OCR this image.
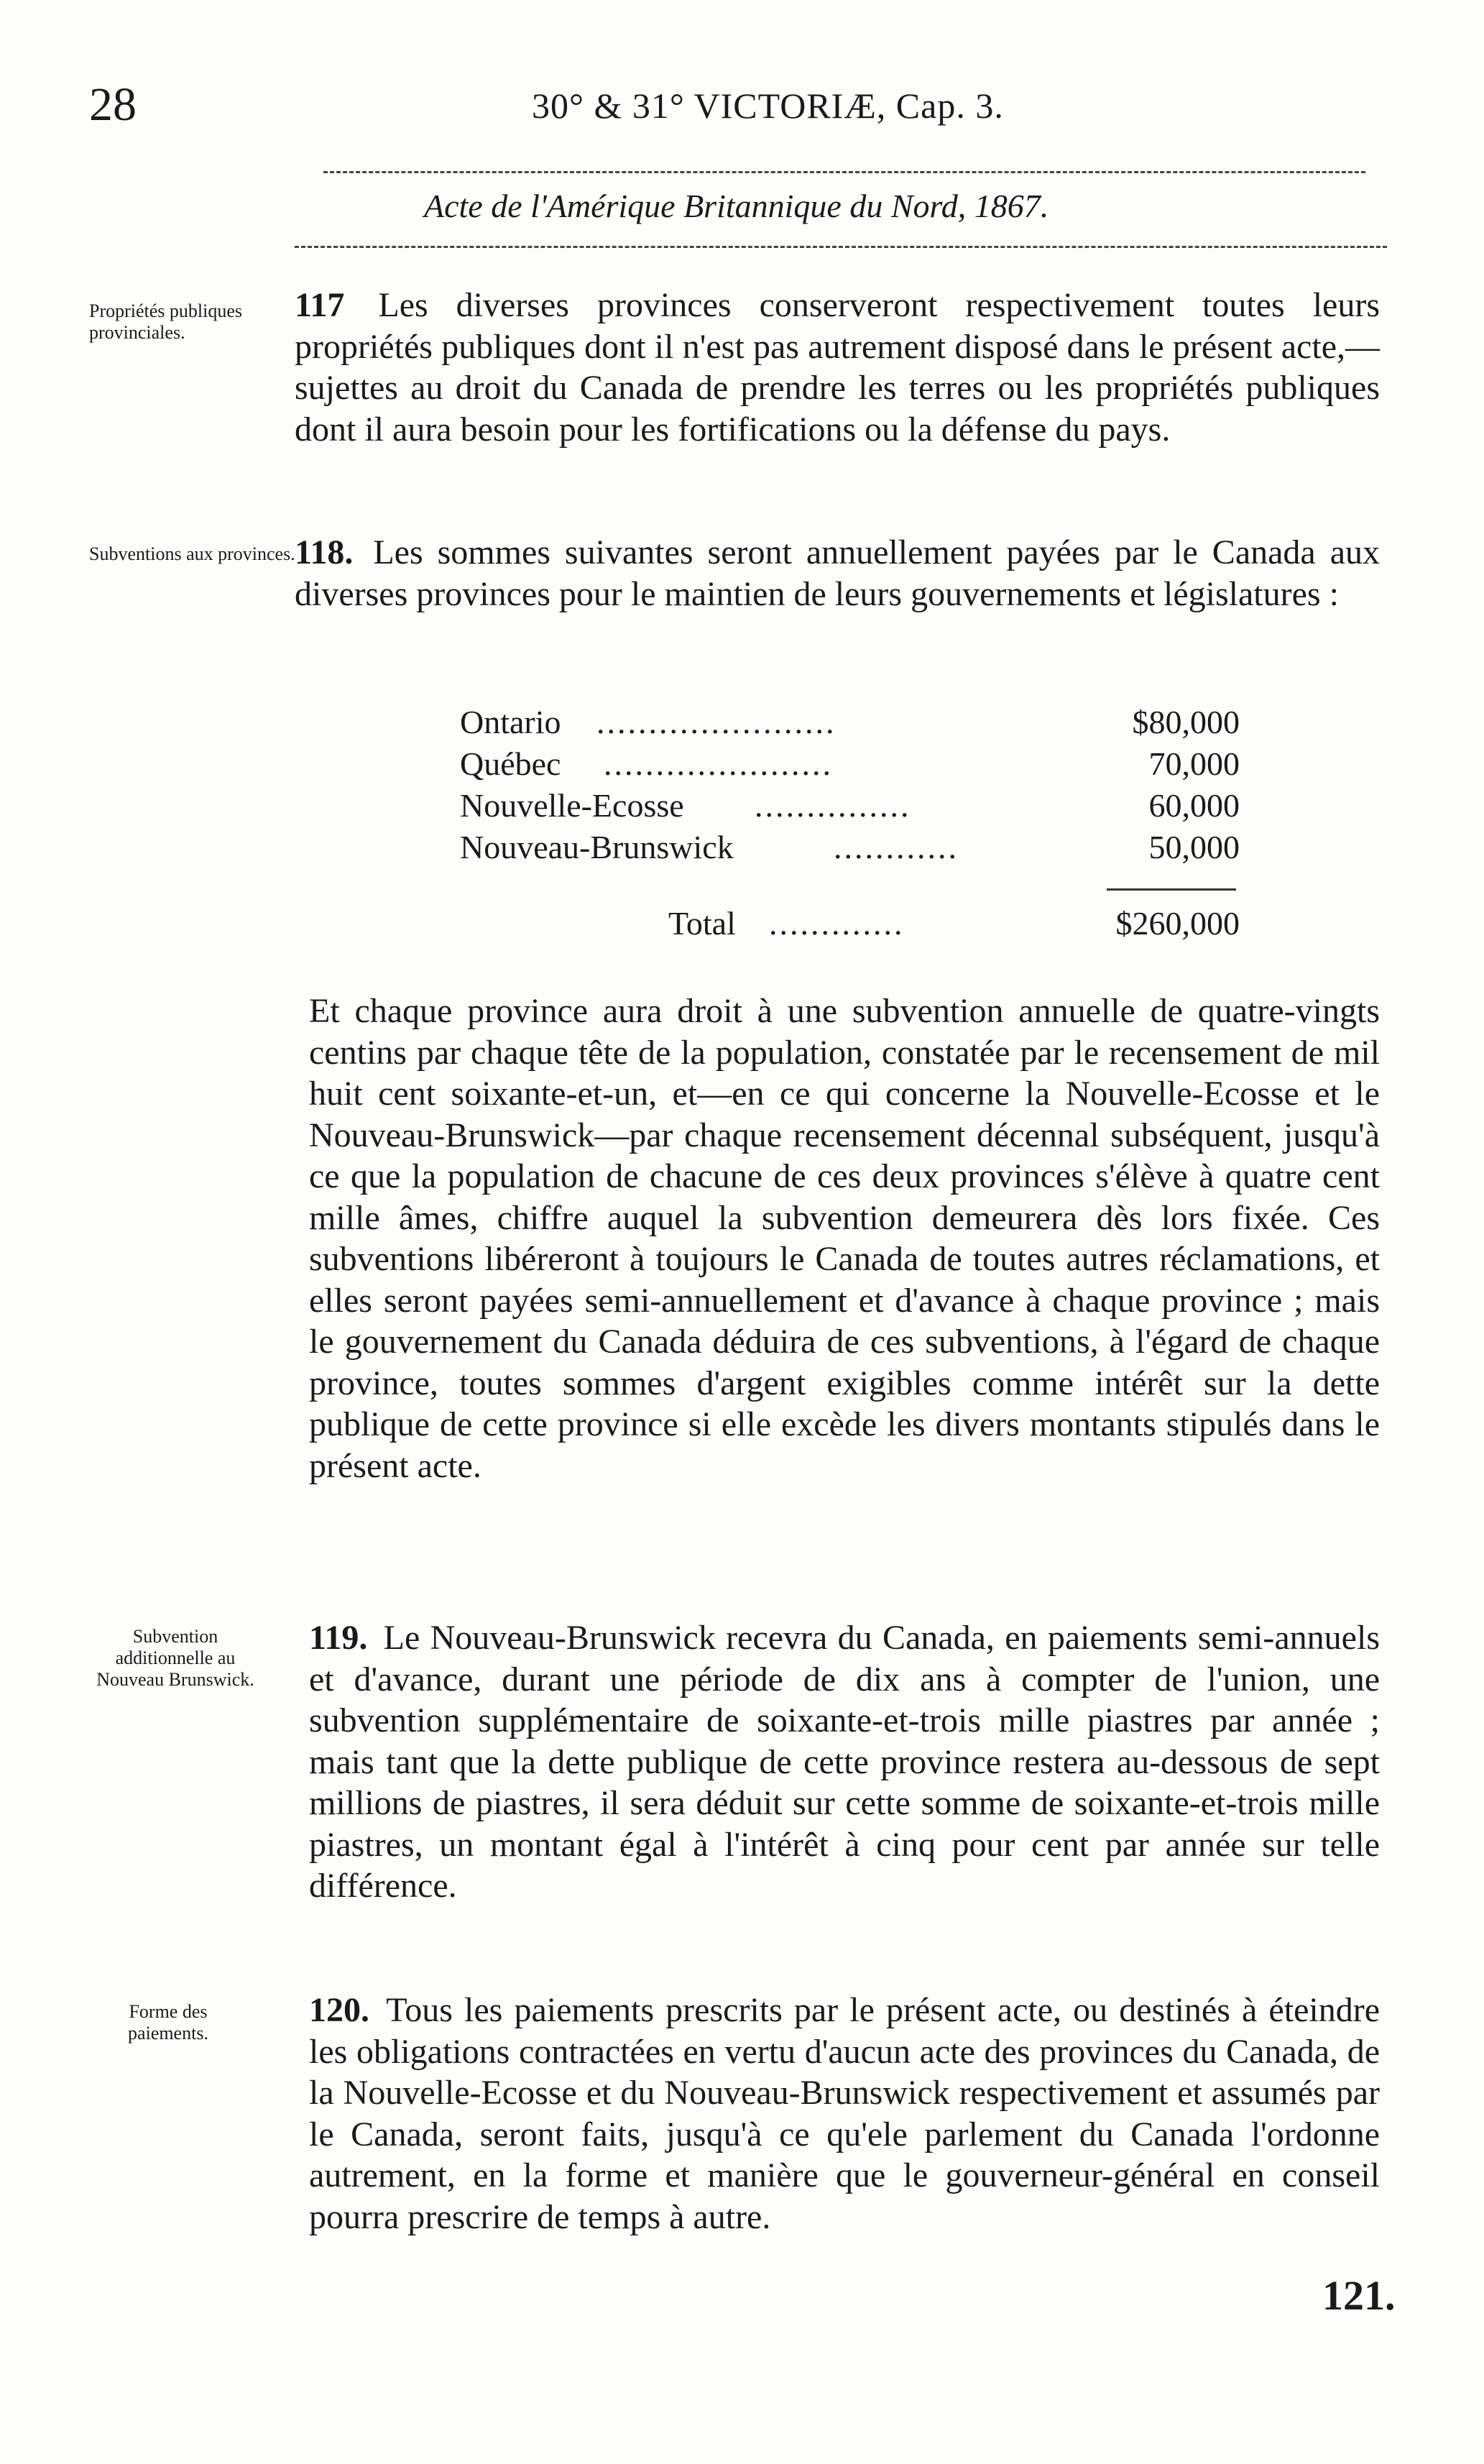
28	30° & 31° VICTORIÆ, Cap. 3.
Acte de l'Amérique Britannique du Nord, 1867.
Propriétés publiques provinciales.
117 Les diverses provinces conserveront respectivement toutes leurs propriétés publiques dont il n'est pas autrement disposé dans le présent acte,—sujettes au droit du Canada de prendre les terres ou les propriétés publiques dont il aura besoin pour les fortifications ou la défense du pays.
Subventions aux provinces. 118. Les sommes suivantes seront annuellement payées par le Canada aux diverses provinces pour le maintien de leurs gouvernements et législatures :
Ontario .......................	$80,000
Québec ......................	70,000
Nouvelle-Ecosse ...............	60,000
Nouveau-Brunswick	............	50,000
Total .............	$260,000
Et chaque province aura droit à une subvention annuelle de quatre-vingts centins par chaque tête de la population, constatée par le recensement de mil huit cent soixante-et-un, et—en ce qui concerne la Nouvelle-Ecosse et le Nouveau-Brunswick—par chaque recensement décennal subséquent, jusqu'à ce que la population de chacune de ces deux provinces s'élève à quatre cent mille âmes, chiffre auquel la subvention demeurera dès lors fixée. Ces subventions libéreront à toujours le Canada de toutes autres réclamations, et elles seront payées semi-annuellement et d'avance à chaque province ; mais le gouvernement du Canada déduira de ces subventions, à l'égard de chaque province, toutes sommes d'argent exigibles comme intérêt sur la dette publique de cette province si elle excède les divers montants stipulés dans le présent acte.
Subvention additionnelle au Nouveau Brunswick.
119. Le Nouveau-Brunswick recevra du Canada, en paiements semi-annuels et d'avance, durant une période de dix ans à compter de l'union, une subvention supplémentaire de soixante-et-trois mille piastres par année ; mais tant que la dette publique de cette province restera au-dessous de sept millions de piastres, il sera déduit sur cette somme de soixante-et-trois mille piastres, un montant égal à l'intérêt à cinq pour cent par année sur telle différence.
Forme des paiements.
120. Tous les paiements prescrits par le présent acte, ou destinés à éteindre les obligations contractées en vertu d'aucun acte des provinces du Canada, de la Nouvelle-Ecosse et du Nouveau-Brunswick respectivement et assumés par le Canada, seront faits, jusqu'à ce qu'ele parlement du Canada l'ordonne autrement, en la forme et manière que le gouverneur-général en conseil pourra prescrire de temps à autre.
121.
